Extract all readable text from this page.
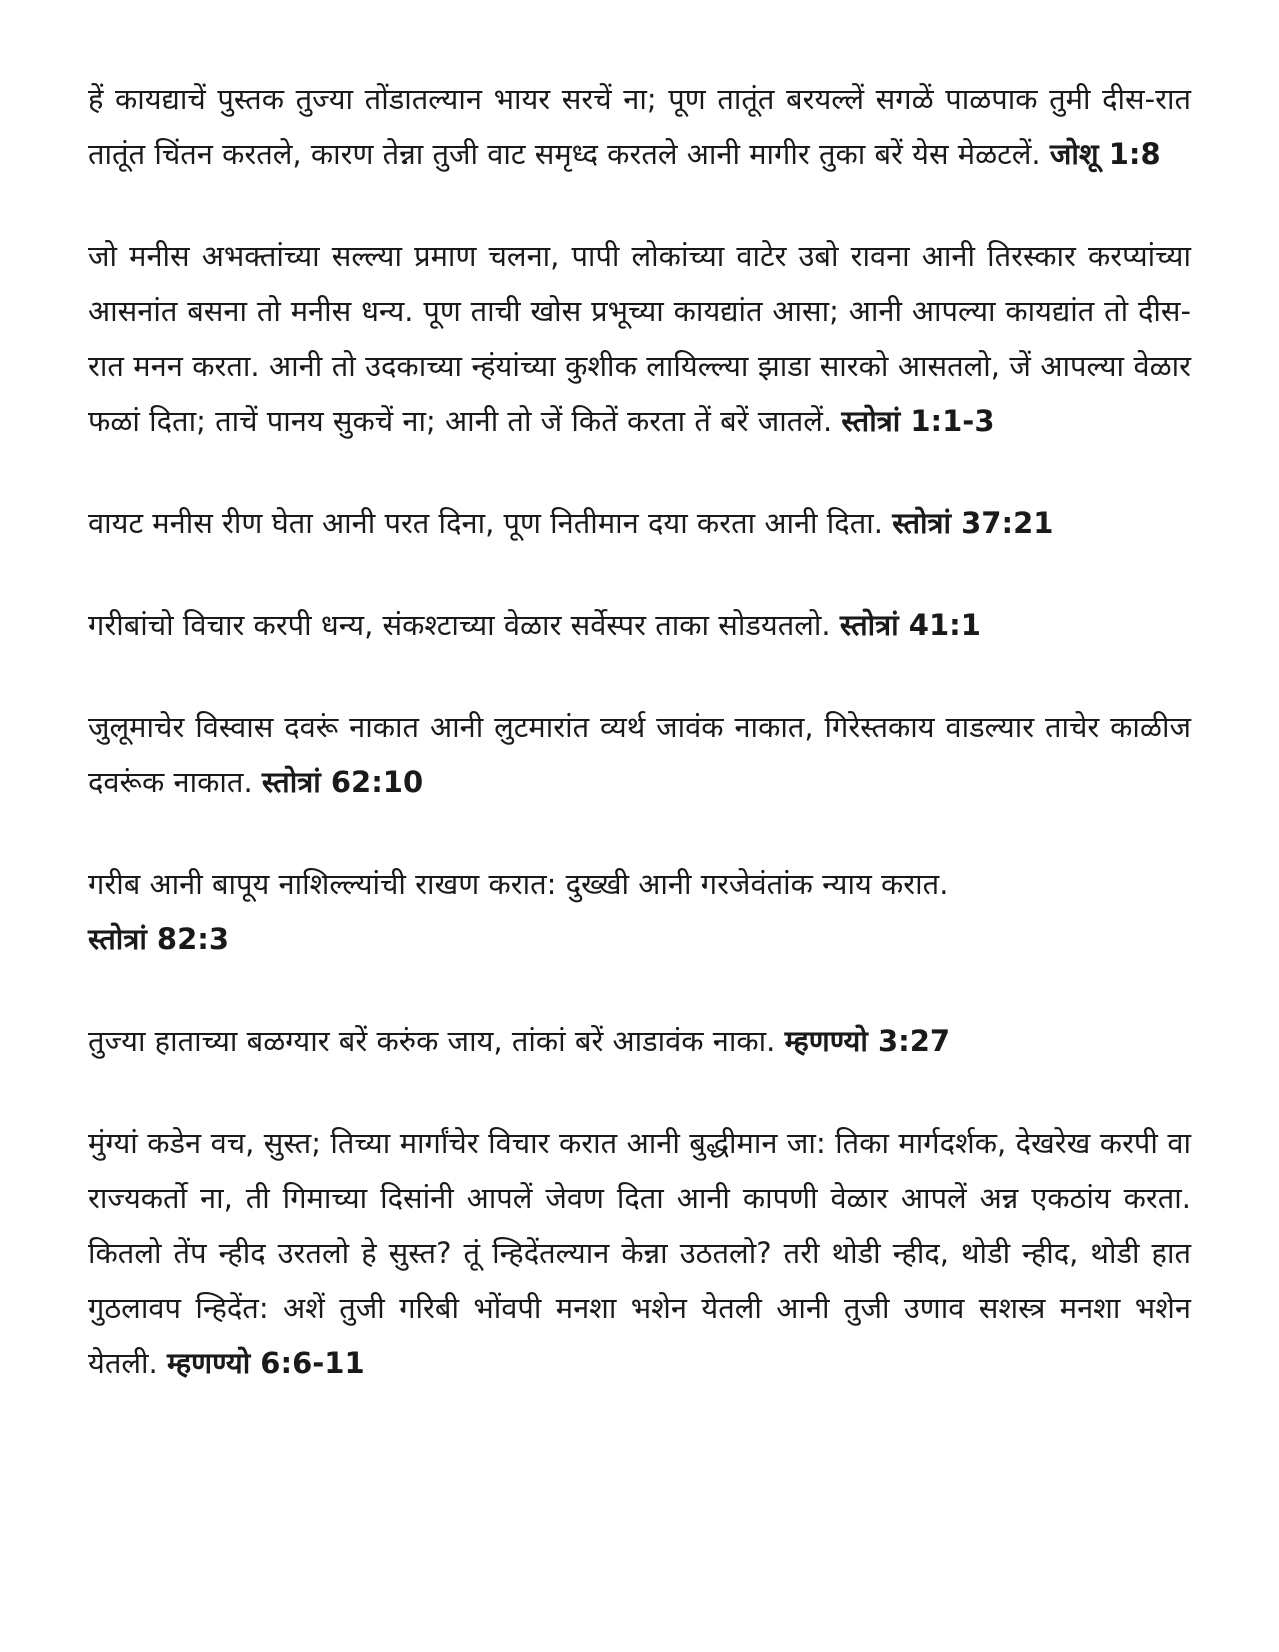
हें कायद्याचें पुस्तक तुज्या तोंडातल्यान भायर सरचें ना; पूण तातूंत बरयल्लें सगळें पाळपाक तुमी दीस-रात तातूंत चिंतन करतले, कारण तेन्ना तुजी वाट समृध्द करतले आनी मागीर तुका बरें येस मेळटलें. जोशू 1:8

जो मनीस अभक्तांच्या सल्ल्या प्रमाण चलना, पापी लोकांच्या वाटेर उबो रावना आनी तिरस्कार करप्यांच्या आसनांत बसना तो मनीस धन्य. पूण ताची खोस प्रभूच्या कायद्यांत आसा; आनी आपल्या कायद्यांत तो दीस-रात मनन करता. आनी तो उदकाच्या न्हंयांच्या कुशीक लायिल्ल्या झाडा सारको आसतलो, जें आपल्या वेळार फळां दिता; ताचें पानय सुकचें ना; आनी तो जें कितें करता तें बरें जातलें. स्तोत्रां 1:1-3

वायट मनीस रीण घेता आनी परत दिना, पूण नितीमान दया करता आनी दिता. स्तोत्रां 37:21

गरीबांचो विचार करपी धन्य, संकश्टाच्या वेळार सर्वेस्पर ताका सोडयतलो. स्तोत्रां 41:1

जुलूमाचेर विस्वास दवरूं नाकात आनी लुटमारांत व्यर्थ जावंक नाकात, गिरेस्तकाय वाडल्यार ताचेर काळीज दवरूंक नाकात. स्तोत्रां 62:10

गरीब आनी बापूय नाशिल्ल्यांची राखण करात: दुख्खी आनी गरजेवंतांक न्याय करात.
स्तोत्रां 82:3

तुज्या हाताच्या बळग्यार बरें करुंक जाय, तांकां बरें आडावंक नाका. म्हणण्यो 3:27

मुंग्यां कडेन वच, सुस्त; तिच्या मार्गांचेर विचार करात आनी बुद्धीमान जा: तिका मार्गदर्शक, देखरेख करपी वा राज्यकर्तो ना, ती गिमाच्या दिसांनी आपलें जेवण दिता आनी कापणी वेळार आपलें अन्न एकठांय करता. कितलो तेंप न्हीद उरतलो हे सुस्त? तूं न्हिदेंतल्यान केन्ना उठतलो? तरी थोडी न्हीद, थोडी न्हीद, थोडी हात गुठलावप न्हिदेंत: अशें तुजी गरिबी भोंवपी मनशा भशेन येतली आनी तुजी उणाव सशस्त्र मनशा भशेन येतली. म्हणण्यो 6:6-11
